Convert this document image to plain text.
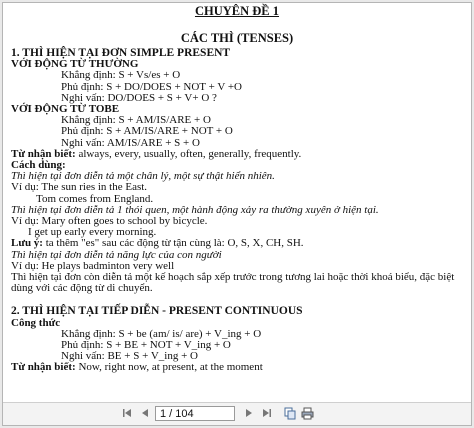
CHUYÊN ĐỀ 1
CÁC THÌ (TENSES)
1. THÌ HIỆN TẠI ĐƠN SIMPLE PRESENT
VỚI ĐỘNG TỪ THƯỜNG
Khẳng định: S + Vs/es + O
Phủ định: S + DO/DOES + NOT + V +O
Nghi vấn: DO/DOES + S + V+ O ?
VỚI ĐỘNG TỪ TOBE
Khẳng định: S + AM/IS/ARE + O
Phủ định: S + AM/IS/ARE + NOT + O
Nghi vấn: AM/IS/ARE + S + O
Từ nhận biết: always, every, usually, often, generally, frequently.
Cách dùng:
Thì hiện tại đơn diễn tả một chân lý, một sự thật hiển nhiên.
Ví dụ: The sun ries in the East.
Tom comes from England.
Thì hiện tại đơn diễn tả 1 thói quen, một hành động xảy ra thường xuyên ở hiện tại.
Ví dụ: Mary often goes to school by bicycle.
I get up early every morning.
Lưu ý: ta thêm "es" sau các động từ tận cùng là: O, S, X, CH, SH.
Thì hiện tại đơn diễn tả năng lực của con người
Ví dụ: He plays badminton very well
Thì hiện tại đơn còn diễn tả một kế hoạch sắp xếp trước trong tương lai hoặc thời khoá biểu, đặc biệt dùng với các động từ di chuyển.
2. THÌ HIỆN TẠI TIẾP DIỄN - PRESENT CONTINUOUS
Công thức
Khẳng định: S + be (am/ is/ are) + V_ing + O
Phủ định: S + BE + NOT + V_ing + O
Nghi vấn: BE + S + V_ing + O
Từ nhận biết: Now, right now, at present, at the moment
1 / 104
